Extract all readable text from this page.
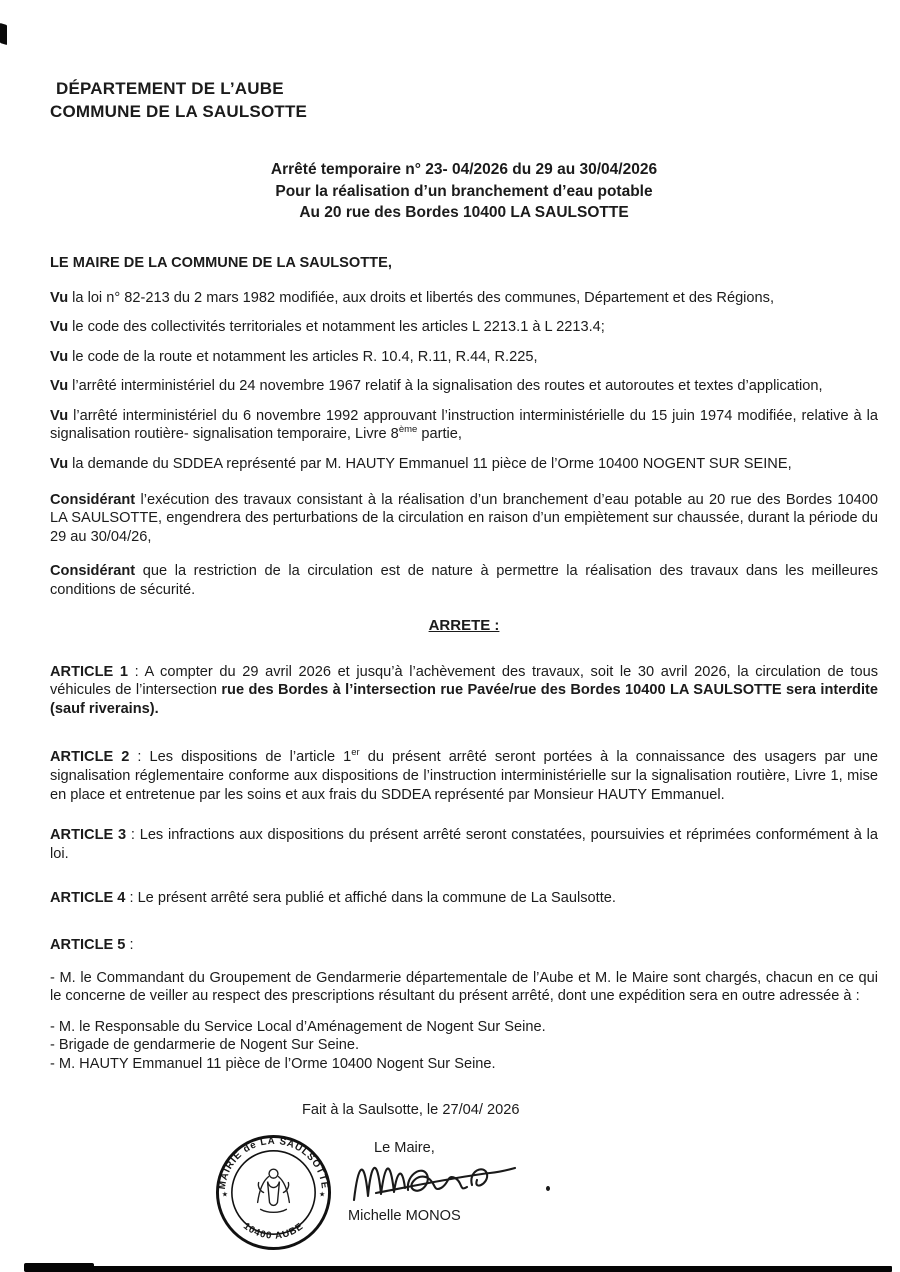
DÉPARTEMENT DE L’AUBE
COMMUNE DE LA SAULSOTTE
Arrêté temporaire n° 23- 04/2026 du 29 au 30/04/2026
Pour la réalisation d’un branchement d’eau potable
Au 20 rue des Bordes 10400 LA SAULSOTTE
LE MAIRE DE LA COMMUNE DE LA SAULSOTTE,

Vu la loi n° 82-213 du 2 mars 1982 modifiée, aux droits et libertés des communes, Département et des Régions,

Vu le code des collectivités territoriales et notamment les articles L 2213.1 à L 2213.4;

Vu le code de la route et notamment les articles R. 10.4, R.11, R.44, R.225,

Vu l’arrêté interministériel du 24 novembre 1967 relatif à la signalisation des routes et autoroutes et textes d’application,

Vu l’arrêté interministériel du 6 novembre 1992 approuvant l’instruction interministérielle du 15 juin 1974 modifiée, relative à la signalisation routière- signalisation temporaire, Livre 8ème partie,

Vu la demande du SDDEA représenté par M. HAUTY Emmanuel 11 pièce de l’Orme 10400 NOGENT SUR SEINE,

Considérant l’exécution des travaux consistant à la réalisation d’un branchement d’eau potable au 20 rue des Bordes 10400 LA SAULSOTTE, engendrera des perturbations de la circulation en raison d’un empiètement sur chaussée, durant la période du 29 au 30/04/26,

Considérant que la restriction de la circulation est de nature à permettre la réalisation des travaux dans les meilleures conditions de sécurité.

ARRETE :

ARTICLE 1 : A compter du 29 avril 2026 et jusqu’à l’achèvement des travaux, soit le 30 avril 2026, la circulation de tous véhicules de l’intersection rue des Bordes à l’intersection rue Pavée/rue des Bordes 10400 LA SAULSOTTE sera interdite (sauf riverains).

ARTICLE 2 : Les dispositions de l’article 1er du présent arrêté seront portées à la connaissance des usagers par une signalisation réglementaire conforme aux dispositions de l’instruction interministérielle sur la signalisation routière, Livre 1, mise en place et entretenue par les soins et aux frais du SDDEA représenté par Monsieur HAUTY Emmanuel.

ARTICLE 3 : Les infractions aux dispositions du présent arrêté seront constatées, poursuivies et réprimées conformément à la loi.

ARTICLE 4 : Le présent arrêté sera publié et affiché dans la commune de La Saulsotte.

ARTICLE 5 :

- M. le Commandant du Groupement de Gendarmerie départementale de l’Aube et M. le Maire sont chargés, chacun en ce qui le concerne de veiller au respect des prescriptions résultant du présent arrêté, dont une expédition sera en outre adressée à :

- M. le Responsable du Service Local d’Aménagement de Nogent Sur Seine.

- Brigade de gendarmerie de Nogent Sur Seine.

- M. HAUTY Emmanuel 11 pièce de l’Orme 10400 Nogent Sur Seine.

Fait à la Saulsotte, le 27/04/ 2026
Le Maire,
Michelle MONOS
MAIRIE de LA SAULSOTTE
10400 AUBE
★	★
